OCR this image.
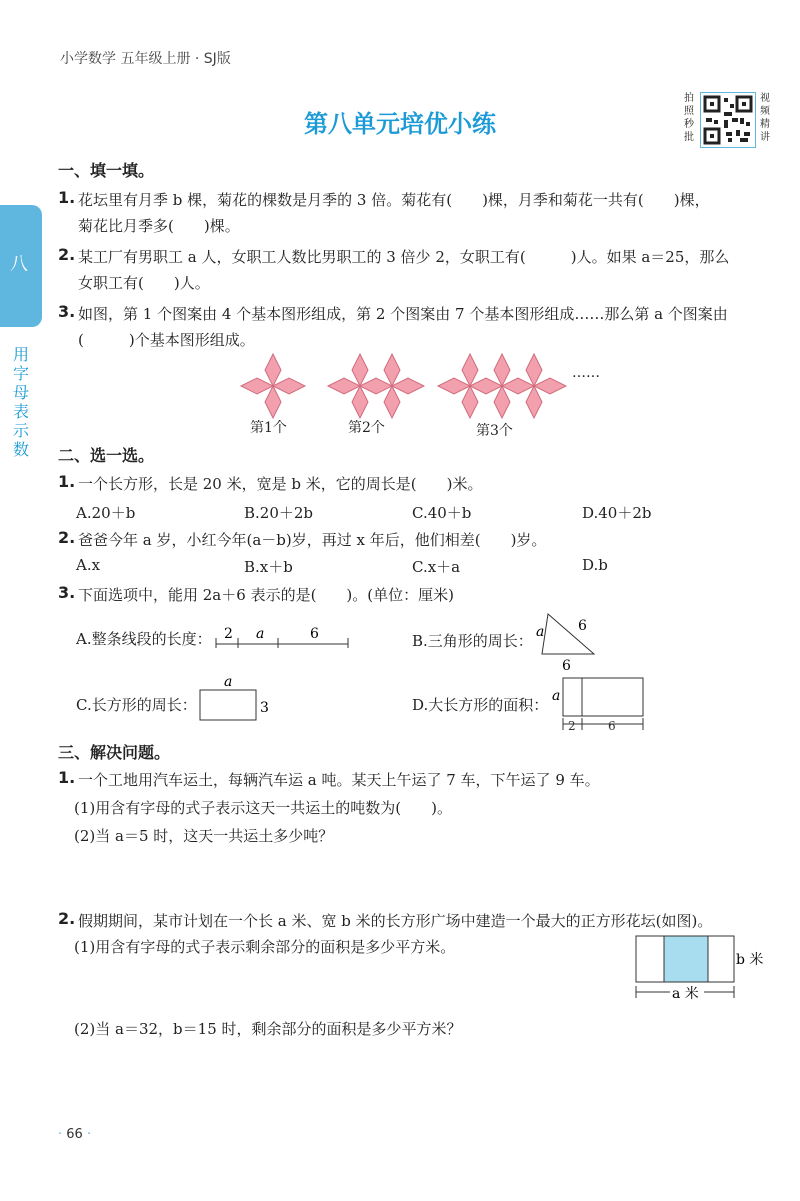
小学数学 五年级上册 · SJ版
第八单元培优小练
拍照秒批
视频精讲
八
用
字
母
表
示
数
一、填一填。
1. 花坛里有月季 b 棵，菊花的棵数是月季的 3 倍。菊花有(　　)棵，月季和菊花一共有(　　)棵，
菊花比月季多(　　)棵。
2. 某工厂有男职工 a 人，女职工人数比男职工的 3 倍少 2，女职工有(　　　)人。如果 a＝25，那么
女职工有(　　)人。
3. 如图，第 1 个图案由 4 个基本图形组成，第 2 个图案由 7 个基本图形组成……那么第 a 个图案由
(　　　)个基本图形组成。
……
第1个	第2个	第3个
二、选一选。
1. 一个长方形，长是 20 米，宽是 b 米，它的周长是(　　)米。
A.20＋b	B.20＋2b	C.40＋b	D.40＋2b
2. 爸爸今年 a 岁，小红今年(a－b)岁，再过 x 年后，他们相差(　　)岁。
A.x	B.x＋b	C.x＋a	D.b
3. 下面选项中，能用 2a＋6 表示的是(　　)。(单位：厘米)
A.整条线段的长度： 2 a	6	B.三角形的周长： a 6
6
C.长方形的周长：
a
3	D.大长方形的面积： a
2	6
三、解决问题。
1. 一个工地用汽车运土，每辆汽车运 a 吨。某天上午运了 7 车，下午运了 9 车。
(1)用含有字母的式子表示这天一共运土的吨数为(　　)。
(2)当 a＝5 时，这天一共运土多少吨？
2. 假期期间，某市计划在一个长 a 米、宽 b 米的长方形广场中建造一个最大的正方形花坛(如图)。
(1)用含有字母的式子表示剩余部分的面积是多少平方米。
b 米
a 米
(2)当 a＝32，b＝15 时，剩余部分的面积是多少平方米？
· 66 ·
